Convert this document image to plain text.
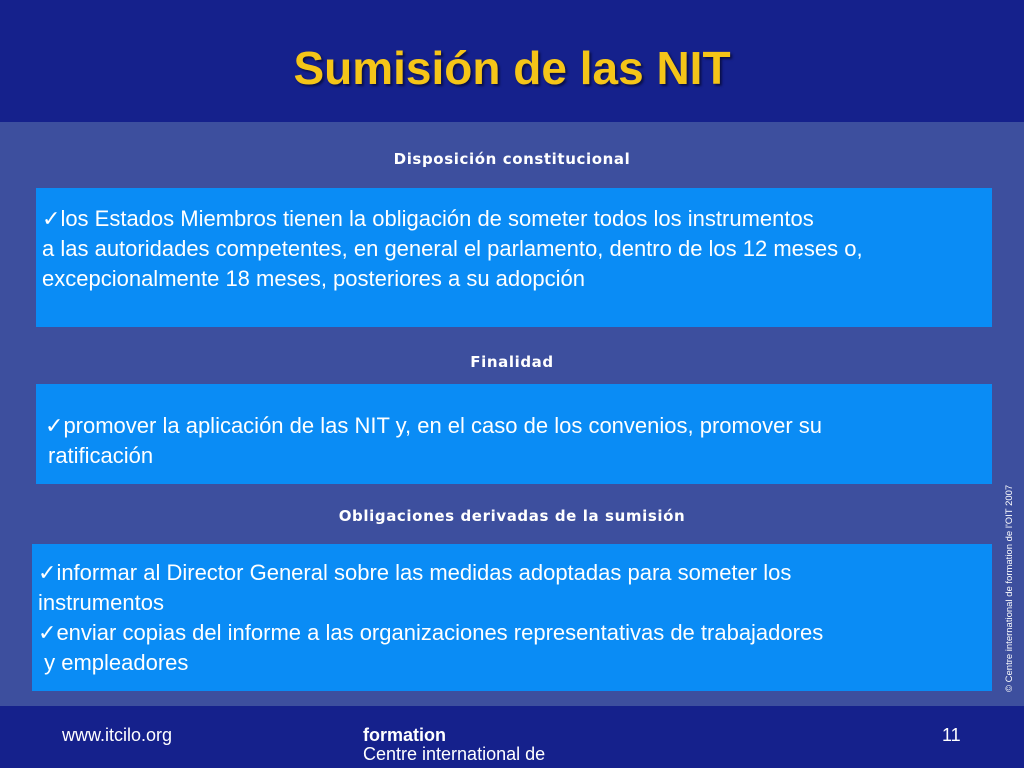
Sumisión de las NIT
Disposición constitucional
✓los Estados Miembros tienen la obligación de someter todos los instrumentos
a las autoridades competentes, en general el parlamento, dentro de los 12 meses o,
excepcionalmente 18 meses, posteriores a su adopción
Finalidad
✓promover la aplicación de las NIT y, en el caso de los convenios, promover su
ratificación
Obligaciones derivadas de la sumisión
✓informar al Director General sobre las medidas adoptadas para someter los
instrumentos
✓enviar copias del informe a las organizaciones representativas de trabajadores
y empleadores	© Centre international de formation de l'OIT 2007
www.itcilo.org
Centre international de
formation	11
